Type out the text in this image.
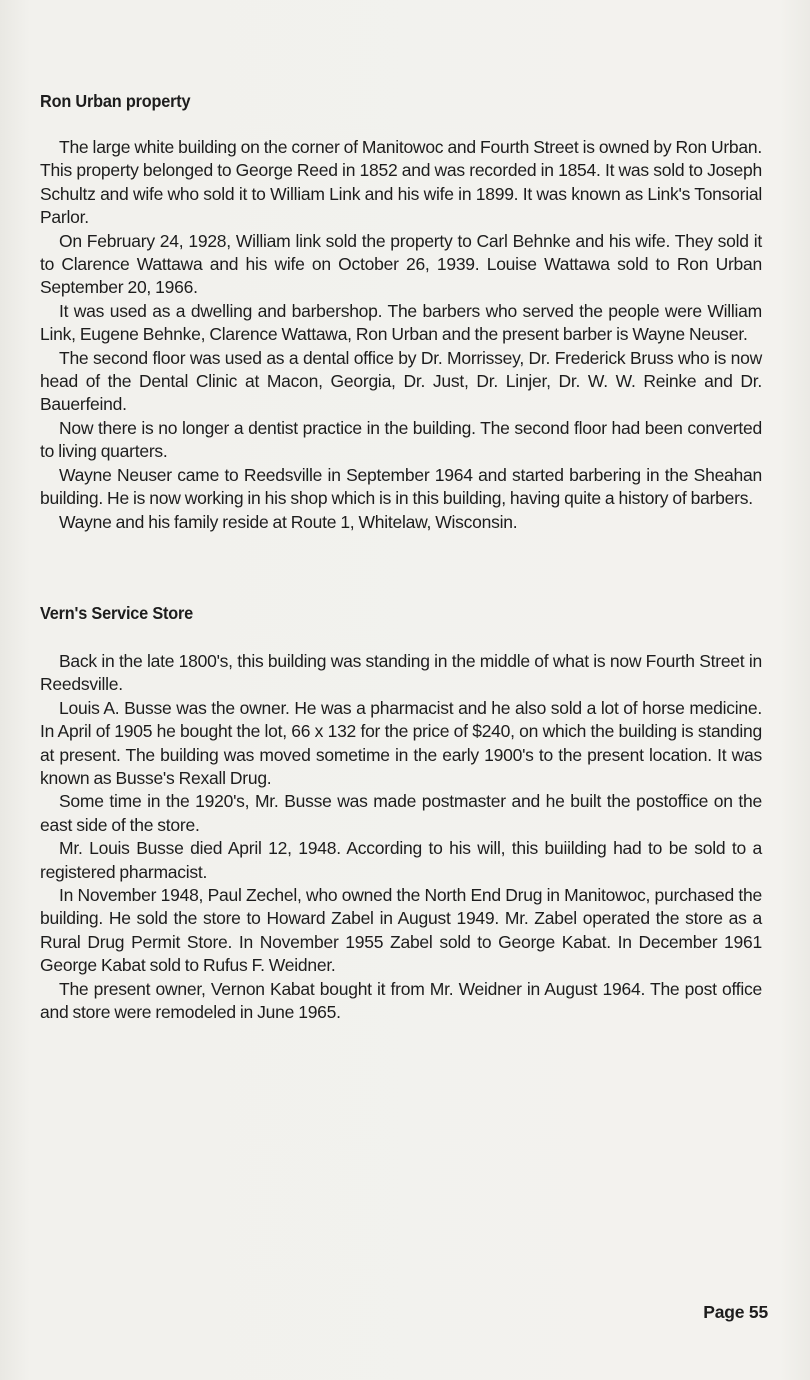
Ron Urban property

The large white building on the corner of Manitowoc and Fourth Street is owned by Ron Urban. This property belonged to George Reed in 1852 and was recorded in 1854. It was sold to Joseph Schultz and wife who sold it to William Link and his wife in 1899. It was known as Link's Tonsorial Parlor.

On February 24, 1928, William link sold the property to Carl Behnke and his wife. They sold it to Clarence Wattawa and his wife on October 26, 1939. Louise Wattawa sold to Ron Urban September 20, 1966.

It was used as a dwelling and barbershop. The barbers who served the people were William Link, Eugene Behnke, Clarence Wattawa, Ron Urban and the present barber is Wayne Neuser.

The second floor was used as a dental office by Dr. Morrissey, Dr. Frederick Bruss who is now head of the Dental Clinic at Macon, Georgia, Dr. Just, Dr. Linjer, Dr. W. W. Reinke and Dr. Bauerfeind.

Now there is no longer a dentist practice in the building. The second floor had been converted to living quarters.

Wayne Neuser came to Reedsville in September 1964 and started barbering in the Sheahan building. He is now working in his shop which is in this building, having quite a history of barbers.

Wayne and his family reside at Route 1, Whitelaw, Wisconsin.

Vern's Service Store

Back in the late 1800's, this building was standing in the middle of what is now Fourth Street in Reedsville.

Louis A. Busse was the owner. He was a pharmacist and he also sold a lot of horse medicine. In April of 1905 he bought the lot, 66 x 132 for the price of $240, on which the building is standing at present. The building was moved sometime in the early 1900's to the present location. It was known as Busse's Rexall Drug.

Some time in the 1920's, Mr. Busse was made postmaster and he built the postoffice on the east side of the store.

Mr. Louis Busse died April 12, 1948. According to his will, this buiilding had to be sold to a registered pharmacist.

In November 1948, Paul Zechel, who owned the North End Drug in Manitowoc, purchased the building. He sold the store to Howard Zabel in August 1949. Mr. Zabel operated the store as a Rural Drug Permit Store. In November 1955 Zabel sold to George Kabat. In December 1961 George Kabat sold to Rufus F. Weidner.

The present owner, Vernon Kabat bought it from Mr. Weidner in August 1964. The post office and store were remodeled in June 1965.

Page 55
